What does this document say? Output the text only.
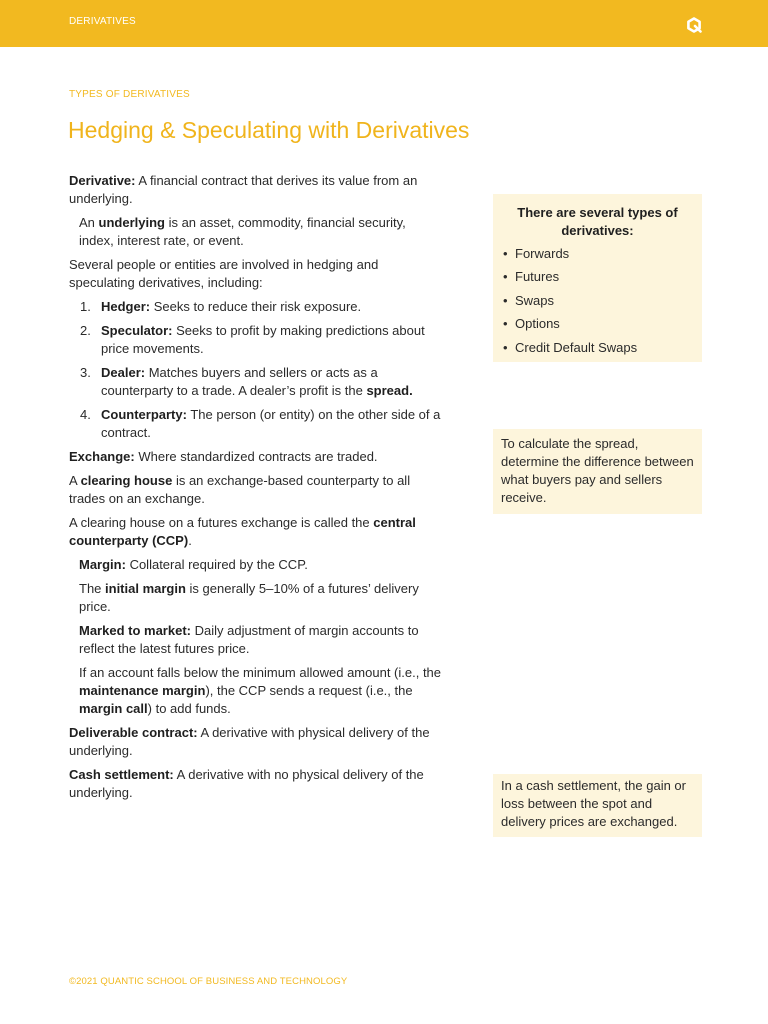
DERIVATIVES
TYPES OF DERIVATIVES
Hedging & Speculating with Derivatives

Derivative: A financial contract that derives its value from an underlying.

An underlying is an asset, commodity, financial security, index, interest rate, or event.

Several people or entities are involved in hedging and speculating derivatives, including:

1. Hedger: Seeks to reduce their risk exposure.
2. Speculator: Seeks to profit by making predictions about price movements.
3. Dealer: Matches buyers and sellers or acts as a counterparty to a trade. A dealer’s profit is the spread.
4. Counterparty: The person (or entity) on the other side of a contract.

Exchange: Where standardized contracts are traded.

A clearing house is an exchange-based counterparty to all trades on an exchange.

A clearing house on a futures exchange is called the central counterparty (CCP).

Margin: Collateral required by the CCP.

The initial margin is generally 5–10% of a futures’ delivery price.

Marked to market: Daily adjustment of margin accounts to reflect the latest futures price.

If an account falls below the minimum allowed amount (i.e., the maintenance margin), the CCP sends a request (i.e., the margin call) to add funds.

Deliverable contract: A derivative with physical delivery of the underlying.

Cash settlement: A derivative with no physical delivery of the underlying.

There are several types of derivatives:
• Forwards
• Futures
• Swaps
• Options
• Credit Default Swaps
To calculate the spread, determine the difference between what buyers pay and sellers receive.
In a cash settlement, the gain or loss between the spot and delivery prices are exchanged.
©2021 QUANTIC SCHOOL OF BUSINESS AND TECHNOLOGY
